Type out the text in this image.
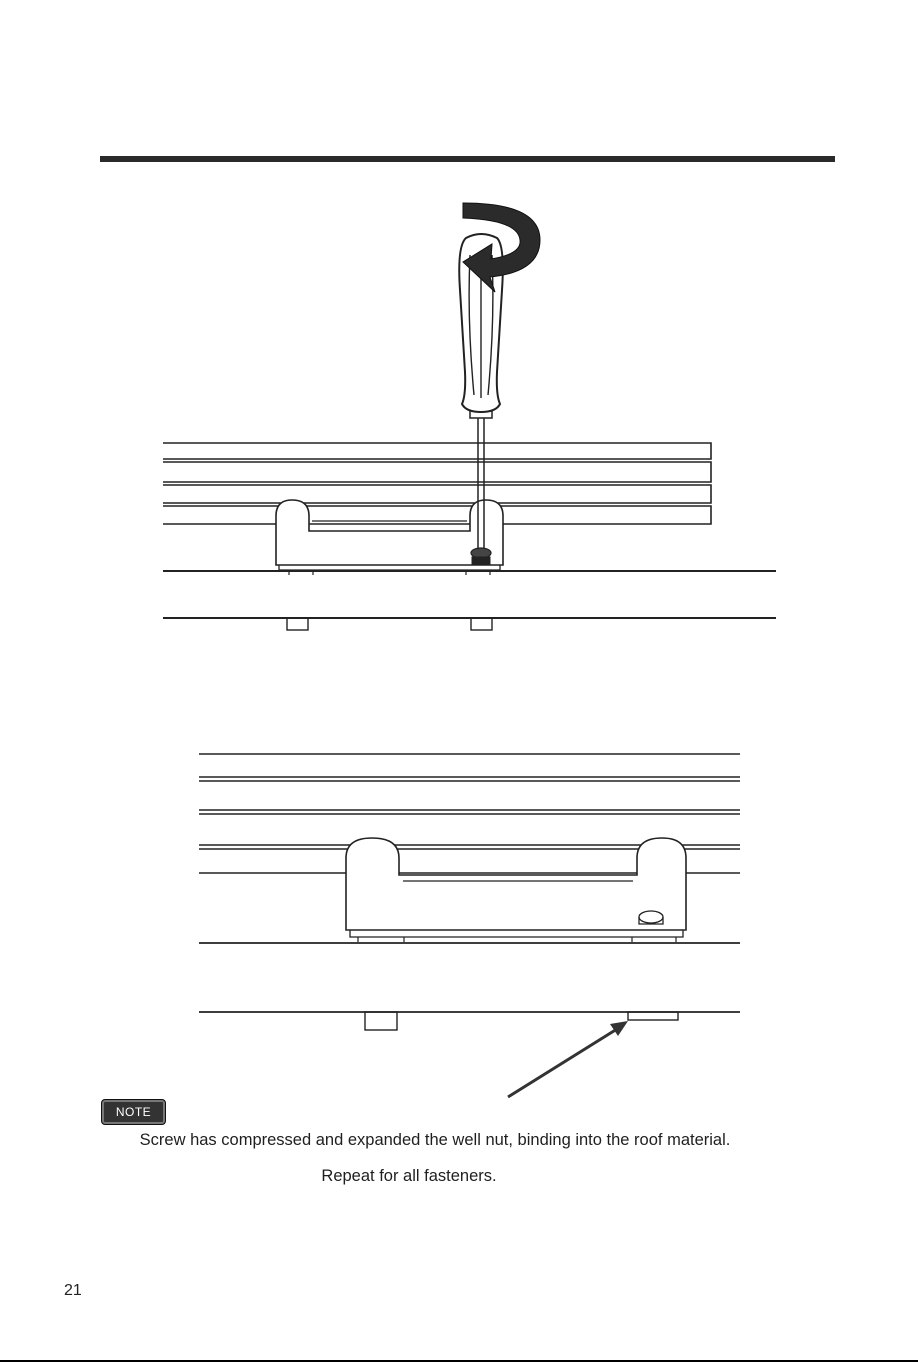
NOTE
Screw has compressed and expanded the well nut, binding into the roof material.
Repeat for all fasteners.
21
